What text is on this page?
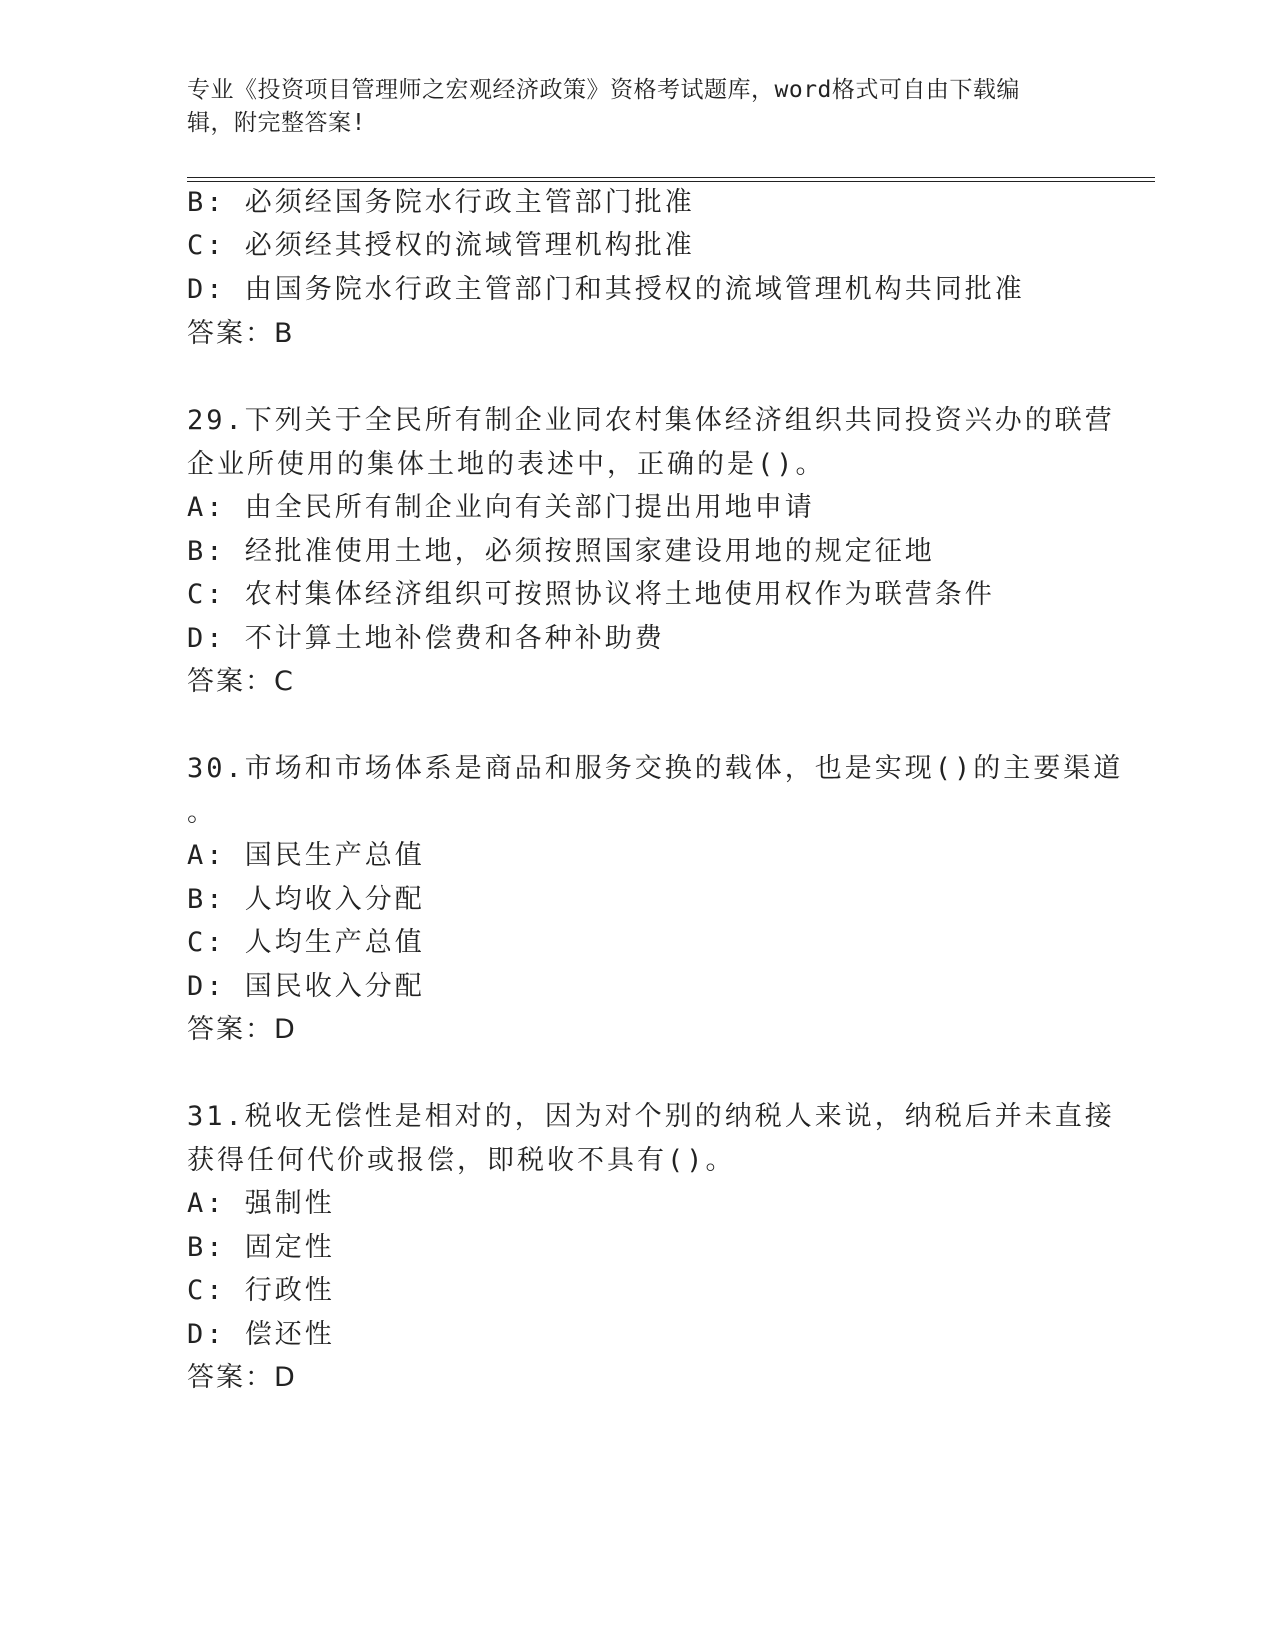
专业《投资项目管理师之宏观经济政策》资格考试题库，word格式可自由下载编
辑，附完整答案!
B: 必须经国务院水行政主管部门批准
C: 必须经其授权的流域管理机构批准
D: 由国务院水行政主管部门和其授权的流域管理机构共同批准
答案：B
29.下列关于全民所有制企业同农村集体经济组织共同投资兴办的联营
企业所使用的集体土地的表述中，正确的是()。
A: 由全民所有制企业向有关部门提出用地申请
B: 经批准使用土地，必须按照国家建设用地的规定征地
C: 农村集体经济组织可按照协议将土地使用权作为联营条件
D: 不计算土地补偿费和各种补助费
答案：C
30.市场和市场体系是商品和服务交换的载体，也是实现()的主要渠道
。
A: 国民生产总值
B: 人均收入分配
C: 人均生产总值
D: 国民收入分配
答案：D
31.税收无偿性是相对的，因为对个别的纳税人来说，纳税后并未直接
获得任何代价或报偿，即税收不具有()。
A: 强制性
B: 固定性
C: 行政性
D: 偿还性
答案：D
